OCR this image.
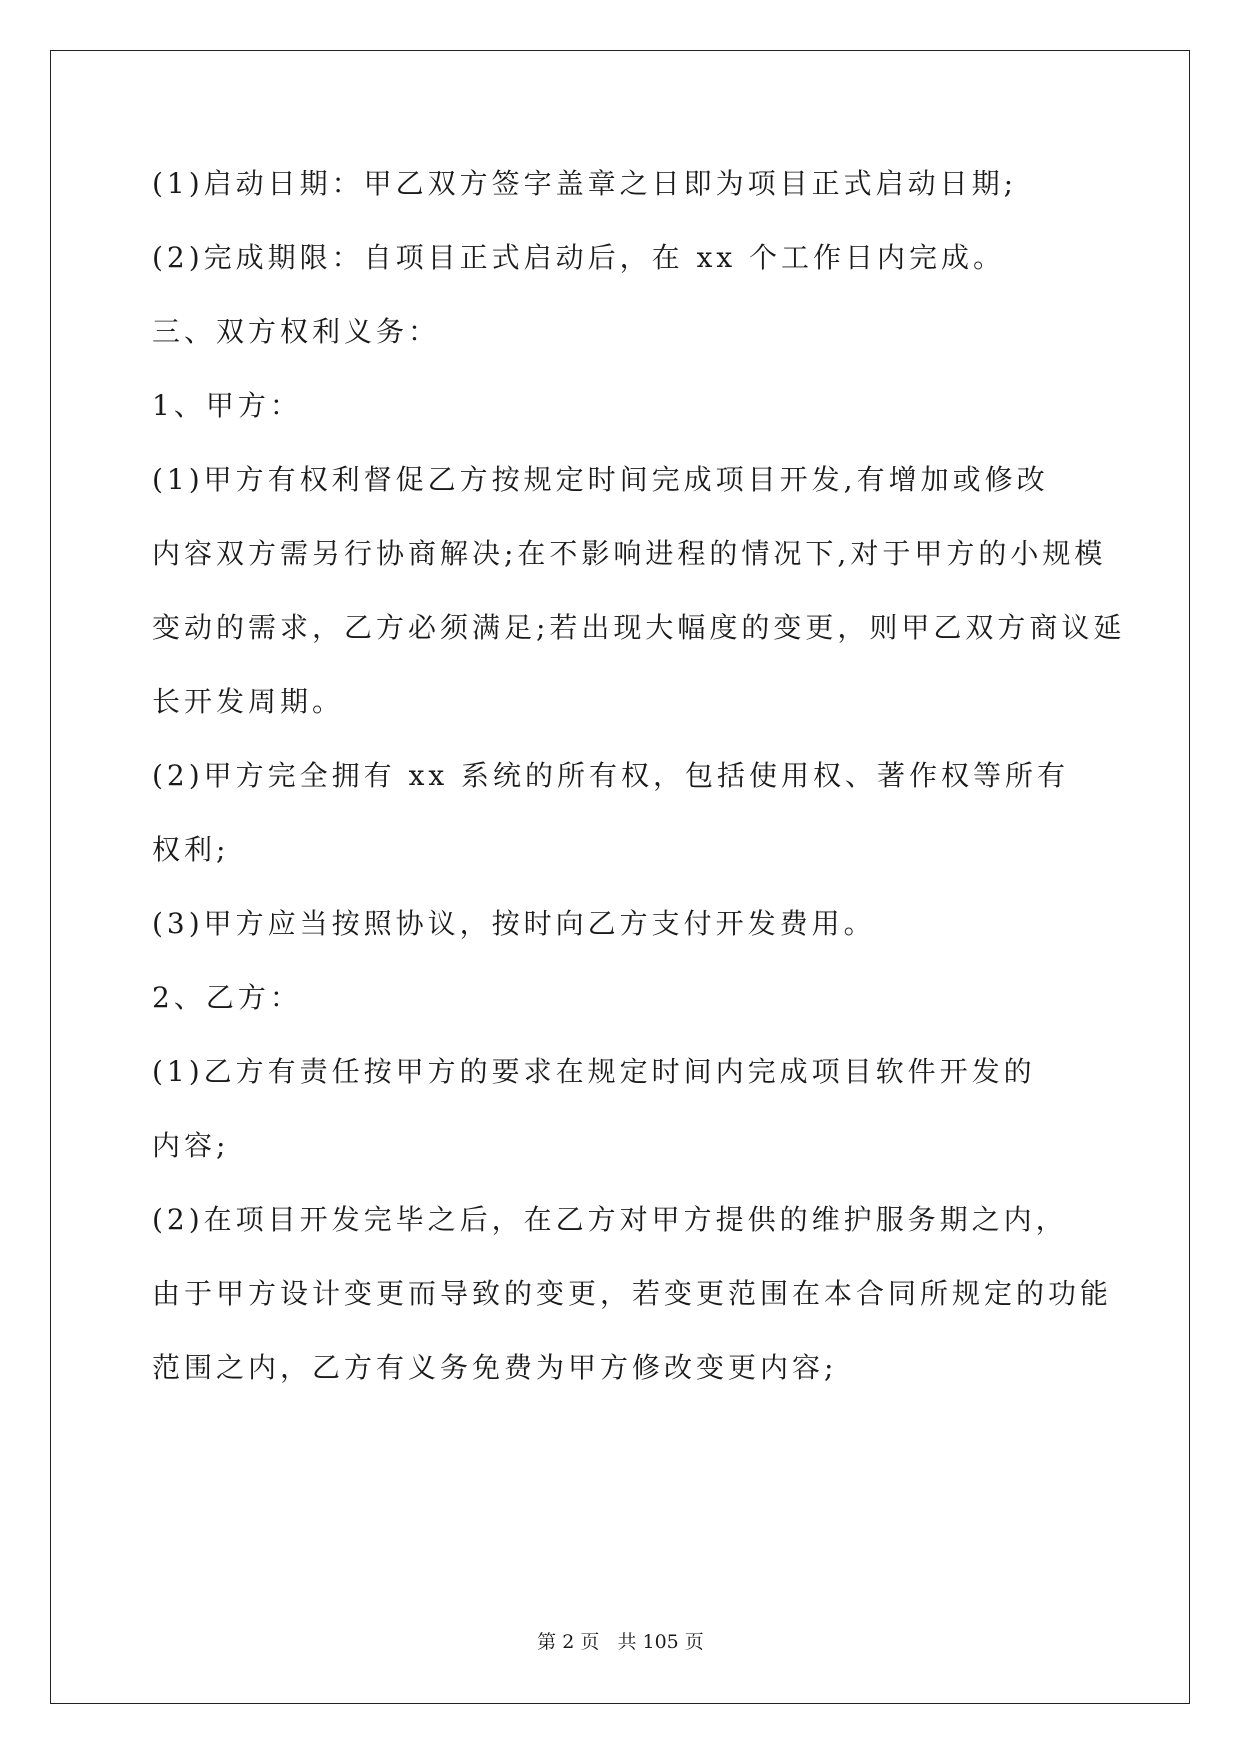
(1)启动日期：甲乙双方签字盖章之日即为项目正式启动日期;
(2)完成期限：自项目正式启动后，在 xx 个工作日内完成。
三、双方权利义务：
1、甲方：
(1)甲方有权利督促乙方按规定时间完成项目开发,有增加或修改
内容双方需另行协商解决;在不影响进程的情况下,对于甲方的小规模
变动的需求，乙方必须满足;若出现大幅度的变更，则甲乙双方商议延
长开发周期。
(2)甲方完全拥有 xx 系统的所有权，包括使用权、著作权等所有
权利;
(3)甲方应当按照协议，按时向乙方支付开发费用。
2、乙方：
(1)乙方有责任按甲方的要求在规定时间内完成项目软件开发的
内容;
(2)在项目开发完毕之后，在乙方对甲方提供的维护服务期之内，
由于甲方设计变更而导致的变更，若变更范围在本合同所规定的功能
范围之内，乙方有义务免费为甲方修改变更内容;
第 2 页   共 105 页
